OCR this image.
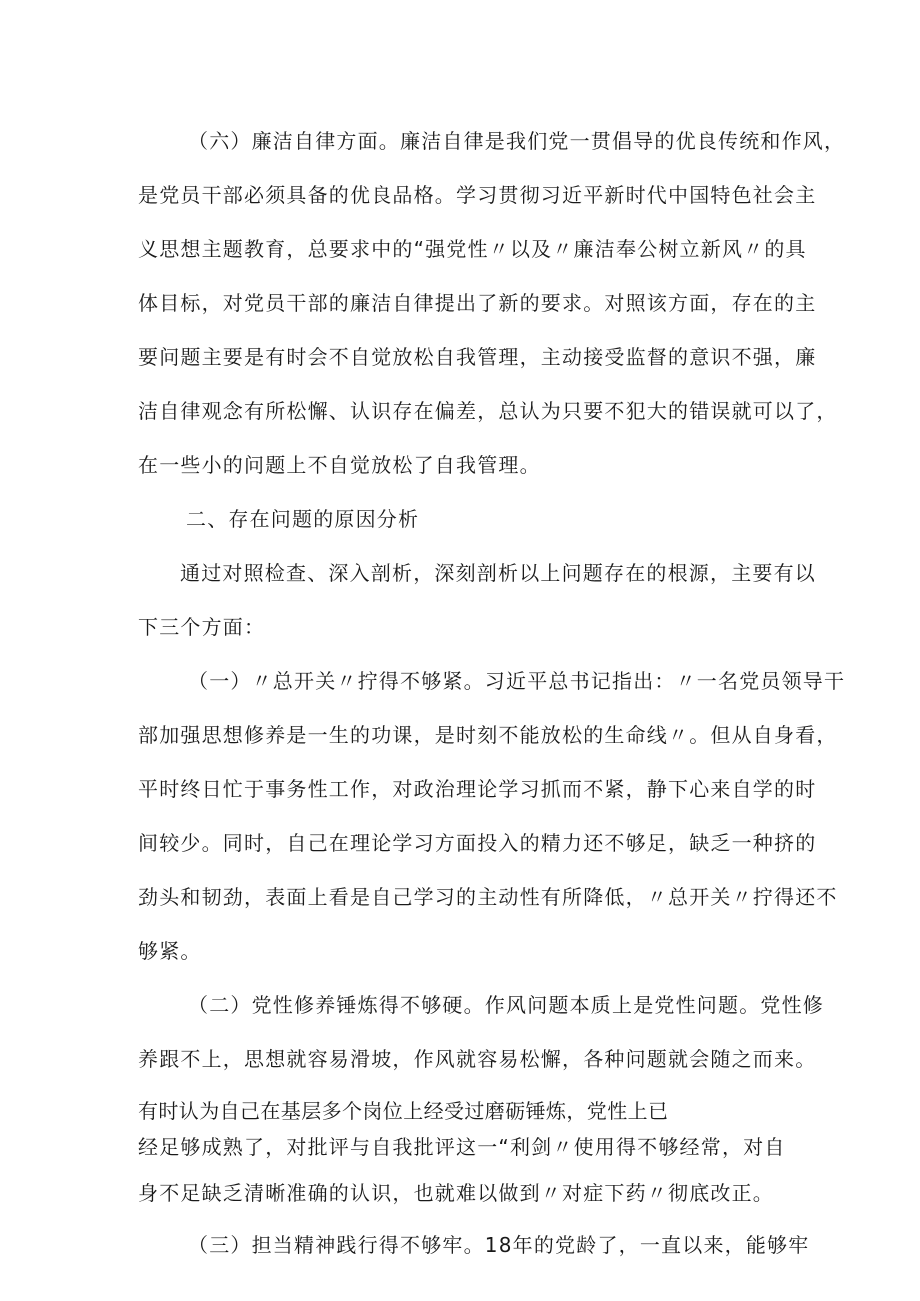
（六）廉洁自律方面。廉洁自律是我们党一贯倡导的优良传统和作风，

是党员干部必须具备的优良品格。学习贯彻习近平新时代中国特色社会主

义思想主题教育，总要求中的“强党性〃以及〃廉洁奉公树立新风〃的具

体目标，对党员干部的廉洁自律提出了新的要求。对照该方面，存在的主

要问题主要是有时会不自觉放松自我管理，主动接受监督的意识不强，廉

洁自律观念有所松懈、认识存在偏差，总认为只要不犯大的错误就可以了，

在一些小的问题上不自觉放松了自我管理。

二、存在问题的原因分析

通过对照检查、深入剖析，深刻剖析以上问题存在的根源，主要有以

下三个方面：

（一）〃总开关〃拧得不够紧。习近平总书记指出：〃一名党员领导干

部加强思想修养是一生的功课，是时刻不能放松的生命线〃。但从自身看，

平时终日忙于事务性工作，对政治理论学习抓而不紧，静下心来自学的时

间较少。同时，自己在理论学习方面投入的精力还不够足，缺乏一种挤的

劲头和韧劲，表面上看是自己学习的主动性有所降低，〃总开关〃拧得还不

够紧。

（二）党性修养锤炼得不够硬。作风问题本质上是党性问题。党性修

养跟不上，思想就容易滑坡，作风就容易松懈，各种问题就会随之而来。

有时认为自己在基层多个岗位上经受过磨砺锤炼，党性上已

经足够成熟了，对批评与自我批评这一“利剑〃使用得不够经常，对自

身不足缺乏清晰准确的认识，也就难以做到〃对症下药〃彻底改正。

（三）担当精神践行得不够牢。18年的党龄了，一直以来，能够牢
